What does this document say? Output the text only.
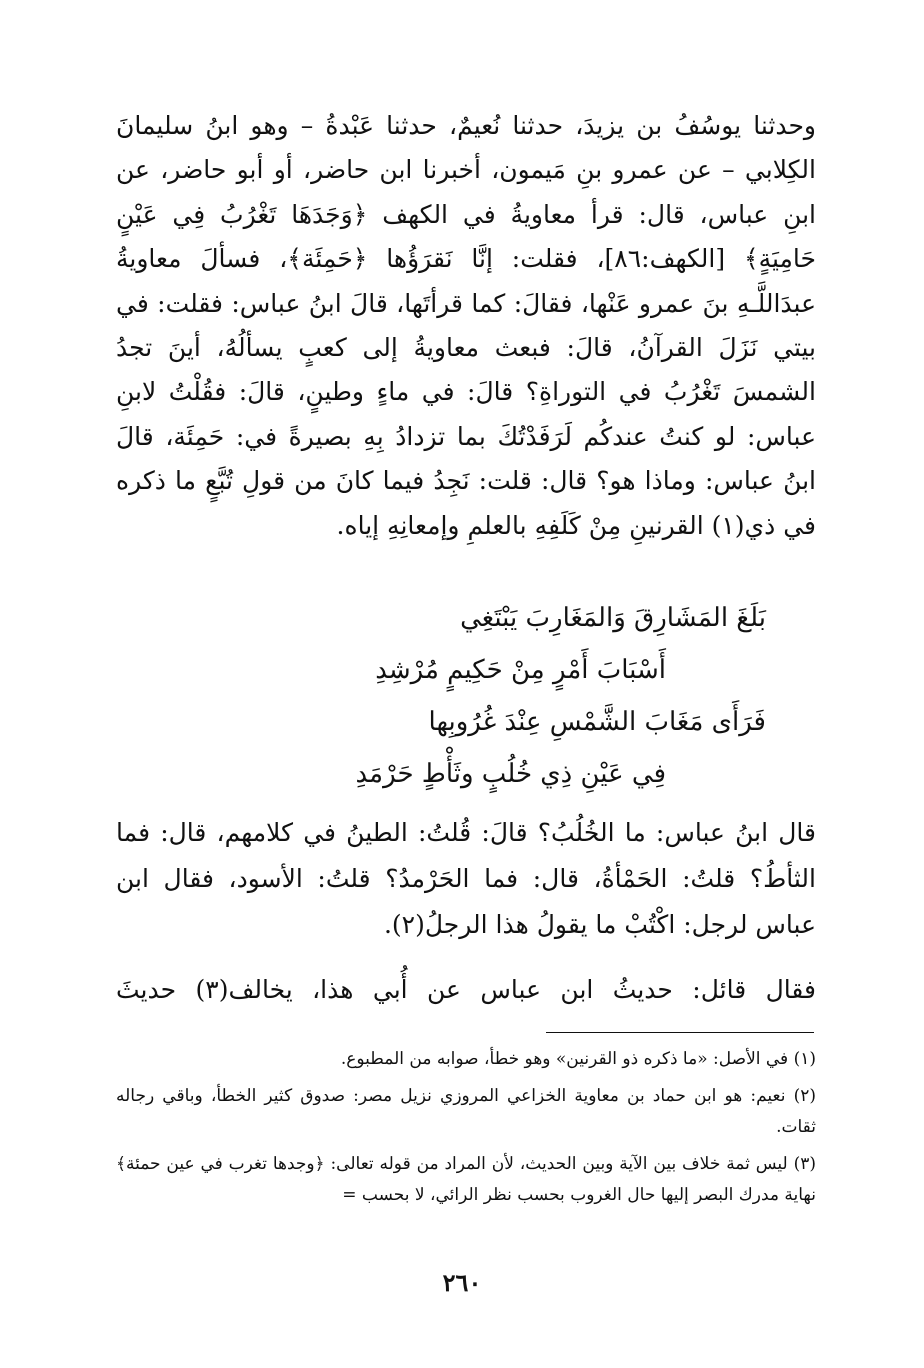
وحدثنا يوسُفُ بن يزيدَ، حدثنا نُعيمٌ، حدثنا عَبْدةُ – وهو ابنُ سليمانَ الكِلابي – عن عمرو بنِ مَيمون، أخبرنا ابن حاضر، أو أبو حاضر، عن ابنِ عباس، قال: قرأ معاويةُ في الكهف ﴿وَجَدَهَا تَغْرُبُ فِي عَيْنٍ حَامِيَةٍ﴾ [الكهف:٨٦]، فقلت: إنَّا نَقرَؤُها ﴿حَمِئَة﴾، فسألَ معاويةُ عبدَاللَّـهِ بنَ عمرو عَنْها، فقالَ: كما قرأتَها، قالَ ابنُ عباس: فقلت: في بيتي نَزَلَ القرآنُ، قالَ: فبعث معاويةُ إلى كعبٍ يسألُهُ، أينَ تجدُ الشمسَ تَغْرُبُ في التوراةِ؟ قالَ: في ماءٍ وطينٍ، قالَ: فقُلْتُ لابنِ عباس: لو كنتُ عندكُم لَرَفَدْتُكَ بما تزدادُ بِهِ بصيرةً في: حَمِئَة، قالَ ابنُ عباس: وماذا هو؟ قال: قلت: نَجِدُ فيما كانَ من قولِ تُبَّعٍ ما ذكره في ذي(١) القرنينِ مِنْ كَلَفِهِ بالعلمِ وإمعانِهِ إياه.

بَلَغَ المَشَارِقَ وَالمَغَارِبَ يَبْتَغِي

أَسْبَابَ أَمْرٍ مِنْ حَكِيمٍ مُرْشِدِ

فَرَأَى مَغَابَ الشَّمْسِ عِنْدَ غُرُوبِها

فِي عَيْنِ ذِي خُلُبٍ وثَأْطٍ حَرْمَدِ

قال ابنُ عباس: ما الخُلُبُ؟ قالَ: قُلتُ: الطينُ في كلامهم، قال: فما الثأطُ؟ قلتُ: الحَمْأةُ، قال: فما الحَرْمدُ؟ قلتُ: الأسود، فقال ابن عباس لرجل: اكْتُبْ ما يقولُ هذا الرجلُ(٢).

فقال قائل: حديثُ ابن عباس عن أُبي هذا، يخالف(٣) حديثَ

(١) في الأصل: «ما ذكره ذو القرنين» وهو خطأ، صوابه من المطبوع.

(٢) نعيم: هو ابن حماد بن معاوية الخزاعي المروزي نزيل مصر: صدوق كثير الخطأ، وباقي رجاله ثقات.

(٣) ليس ثمة خلاف بين الآية وبين الحديث، لأن المراد من قوله تعالى: ﴿وجدها تغرب في عين حمئة﴾ نهاية مدرك البصر إليها حال الغروب بحسب نظر الرائي، لا بحسب =

٢٦٠
